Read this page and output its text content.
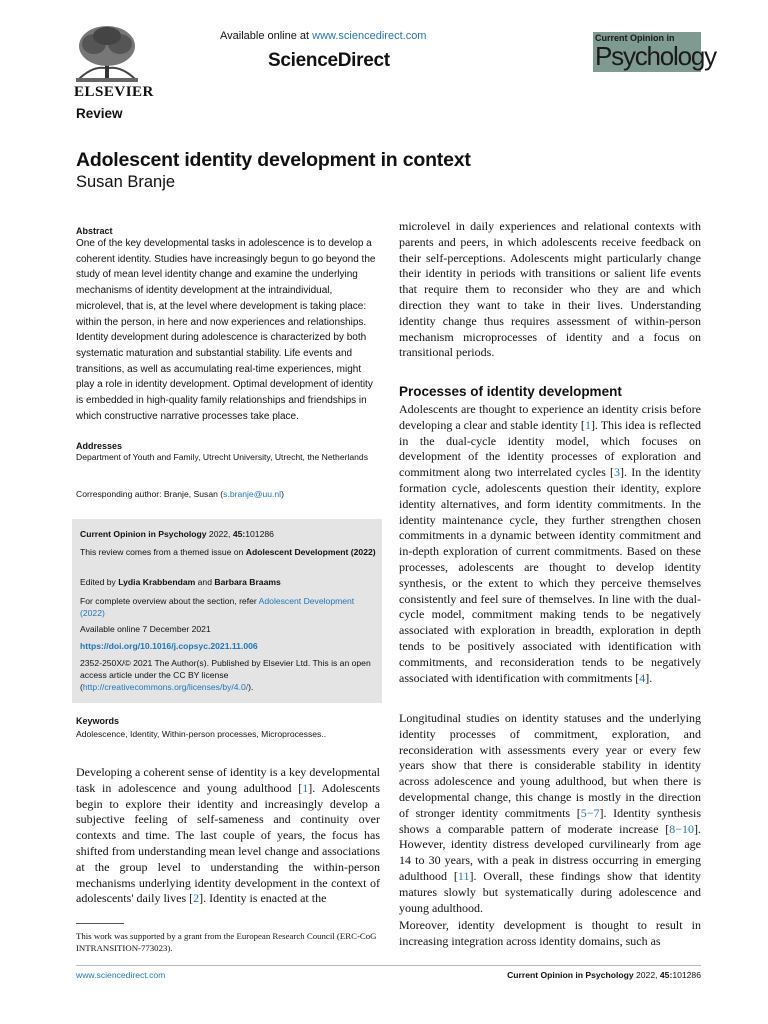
ELSEVIER
Available online at www.sciencedirect.com
ScienceDirect
Current Opinion in
Psychology
Review
Adolescent identity development in context
Susan Branje
Abstract
One of the key developmental tasks in adolescence is to develop a coherent identity. Studies have increasingly begun to go beyond the study of mean level identity change and examine the underlying mechanisms of identity development at the intraindividual, microlevel, that is, at the level where development is taking place: within the person, in here and now experiences and relationships. Identity development during adolescence is characterized by both systematic maturation and substantial stability. Life events and transitions, as well as accumulating real-time experiences, might play a role in identity development. Optimal development of identity is embedded in high-quality family relationships and friendships in which constructive narrative processes take place.
Addresses
Department of Youth and Family, Utrecht University, Utrecht, the Netherlands
Corresponding author: Branje, Susan (s.branje@uu.nl)

Current Opinion in Psychology 2022, 45:101286

This review comes from a themed issue on Adolescent Development (2022)

Edited by Lydia Krabbendam and Barbara Braams

For complete overview about the section, refer Adolescent Development (2022)

Available online 7 December 2021

https://doi.org/10.1016/j.copsyc.2021.11.006

2352-250X/© 2021 The Author(s). Published by Elsevier Ltd. This is an open access article under the CC BY license (http://creativecommons.org/licenses/by/4.0/).

Keywords
Adolescence, Identity, Within-person processes, Microprocesses..
Developing a coherent sense of identity is a key developmental task in adolescence and young adulthood [1]. Adolescents begin to explore their identity and increasingly develop a subjective feeling of self-sameness and continuity over contexts and time. The last couple of years, the focus has shifted from understanding mean level change and associations at the group level to understanding the within-person mechanisms underlying identity development in the context of adolescents' daily lives [2]. Identity is enacted at the
This work was supported by a grant from the European Research Council (ERC-CoG INTRANSITION-773023).
microlevel in daily experiences and relational contexts with parents and peers, in which adolescents receive feedback on their self-perceptions. Adolescents might particularly change their identity in periods with transitions or salient life events that require them to reconsider who they are and which direction they want to take in their lives. Understanding identity change thus requires assessment of within-person mechanism microprocesses of identity and a focus on transitional periods.
Processes of identity development
Adolescents are thought to experience an identity crisis before developing a clear and stable identity [1]. This idea is reflected in the dual-cycle identity model, which focuses on development of the identity processes of exploration and commitment along two interrelated cycles [3]. In the identity formation cycle, adolescents question their identity, explore identity alternatives, and form identity commitments. In the identity maintenance cycle, they further strengthen chosen commitments in a dynamic between identity commitment and in-depth exploration of current commitments. Based on these processes, adolescents are thought to develop identity synthesis, or the extent to which they perceive themselves consistently and feel sure of themselves. In line with the dual-cycle model, commitment making tends to be negatively associated with exploration in breadth, exploration in depth tends to be positively associated with identification with commitments, and reconsideration tends to be negatively associated with identification with commitments [4].
Longitudinal studies on identity statuses and the underlying identity processes of commitment, exploration, and reconsideration with assessments every year or every few years show that there is considerable stability in identity across adolescence and young adulthood, but when there is developmental change, this change is mostly in the direction of stronger identity commitments [5−7]. Identity synthesis shows a comparable pattern of moderate increase [8−10]. However, identity distress developed curvilinearly from age 14 to 30 years, with a peak in distress occurring in emerging adulthood [11]. Overall, these findings show that identity matures slowly but systematically during adolescence and young adulthood.
Moreover, identity development is thought to result in increasing integration across identity domains, such as
www.sciencedirect.com	Current Opinion in Psychology 2022, 45:101286
